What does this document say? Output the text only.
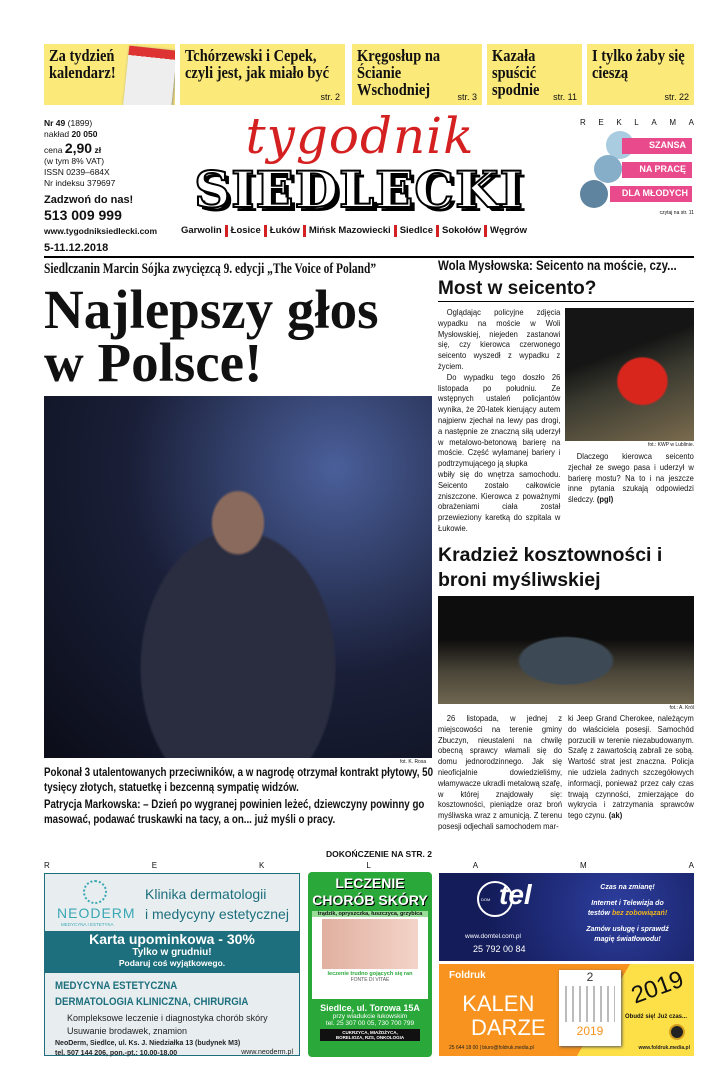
Za tydzień kalendarz!
Tchórzewski i Cepek, czyli jest, jak miało być
str. 2
Kręgosłup na Ścianie Wschodniej	str. 3
Kazała spuścić spodnie	str. 11
I tylko żaby się cieszą
str. 22
Nr 49 (1899)
nakład 20 050
cena 2,90 zł
(w tym 8% VAT)
ISSN 0239–684X
Nr indeksu 379697
Zadzwoń do nas!
513 009 999
www.tygodniksiedlecki.com
tygodnik
SIEDLECKI
Garwolin Łosice Łuków Mińsk Mazowiecki Siedlce Sokołów Węgrów
R E K L A M A
SZANSA
NA PRACĘ
DLA MŁODYCH
czytaj na str. 11
5-11.12.2018
Siedlczanin Marcin Sójka zwycięzcą 9. edycji „The Voice of Poland”
Najlepszy głos
w Polsce!
fot. K. Rosa
Pokonał 3 utalentowanych przeciwników, a w nagrodę otrzymał kontrakt płytowy, 50 tysięcy złotych, statuetkę i bezcenną sympatię widzów.
Patrycja Markowska: – Dzień po wygranej powinien leżeć, dziewczyny powinny go masować, podawać truskawki na tacy, a on... już myśli o pracy.
DOKOŃCZENIE NA STR. 2
R	E	K	L	A	M	A
Wola Mysłowska: Seicento na moście, czy...
Most w seicento?

Oglądając policyjne zdjęcia wypadku na moście w Woli Mysłowskiej, niejeden zastanowi się, czy kierowca czerwonego seicento wyszedł z wypadku z życiem.

Do wypadku tego doszło 26 listopada po południu. Ze wstępnych ustaleń policjantów wynika, że 20-latek kierujący autem najpierw zjechał na lewy pas drogi, a następnie ze znaczną siłą uderzył w metalowo-betonową barierę na moście. Część wyłamanej bariery i podtrzymującego ją słupka

wbiły się do wnętrza samochodu. Seicento zostało całkowicie zniszczone. Kierowca z poważnymi obrażeniami ciała został przewieziony karetką do szpitala w Łukowie.
fot.: KWP w Lublinie.

Dlaczego kierowca seicento zjechał ze swego pasa i uderzył w barierę mostu? Na to i na jeszcze inne pytania szukają odpowiedzi śledczy. (pgl)

Kradzież kosztowności i broni myśliwskiej
fot.: A. Król

26 listopada, w jednej z miejscowości na terenie gminy Zbuczyn, nieustaleni na chwilę obecną sprawcy włamali się do domu jednorodzinnego. Jak się nieoficjalnie dowiedzieliśmy, włamywacze ukradli metalową szafę, w której znajdowały się: kosztowności, pieniądze oraz broń myśliwska wraz z amunicją. Z terenu posesji odjechali samochodem mar-

ki Jeep Grand Cherokee, należącym do właściciela posesji. Samochód porzucili w terenie niezabudowanym. Szafę z zawartością zabrali ze sobą. Wartość strat jest znaczna. Policja nie udziela żadnych szczegółowych informacji, ponieważ przez cały czas trwają czynności, zmierzające do wykrycia i zatrzymania sprawców tego czynu. (ak)
NEODERM
MEDYCYNA I ESTETYKA
Klinika dermatologii
i medycyny estetycznej
Karta upominkowa - 30%
Tylko w grudniu!
Podaruj coś wyjątkowego.
MEDYCYNA ESTETYCZNA
DERMATOLOGIA KLINICZNA, CHIRURGIA
Kompleksowe leczenie i diagnostyka chorób skóry
Usuwanie brodawek, znamion
NeoDerm, Siedlce, ul. Ks. J. Niedziałka 13 (budynek M3)
tel. 507 144 206, pon.-pt.: 10.00-18.00	www.neoderm.pl
LECZENIE
CHORÓB SKÓRY
trądzik, opryszczka, łuszczyca, grzybica
leczenie trudno gojących się ran
FONTE DI VITAE
Siedlce, ul. Torowa 15A
przy wiadukcie łukowskim
tel. 25 307 00 05, 730 700 799
CUKRZYCA, MIAŻDŻYCA,
BORELIOZA, RZS, ONKOLOGIA
DOM tel
www.domtel.com.pl
25 792 00 84
Czas na zmianę!
Internet i Telewizja do
testów bez zobowiązań!
Zamów usługę i sprawdź
magię światłowodu!
Foldruk
KALEN
DARZE
25 644 18 00 | biuro@foldruk.media.pl
2
2019
2019
Obudź się! Już czas...
www.foldruk.media.pl
